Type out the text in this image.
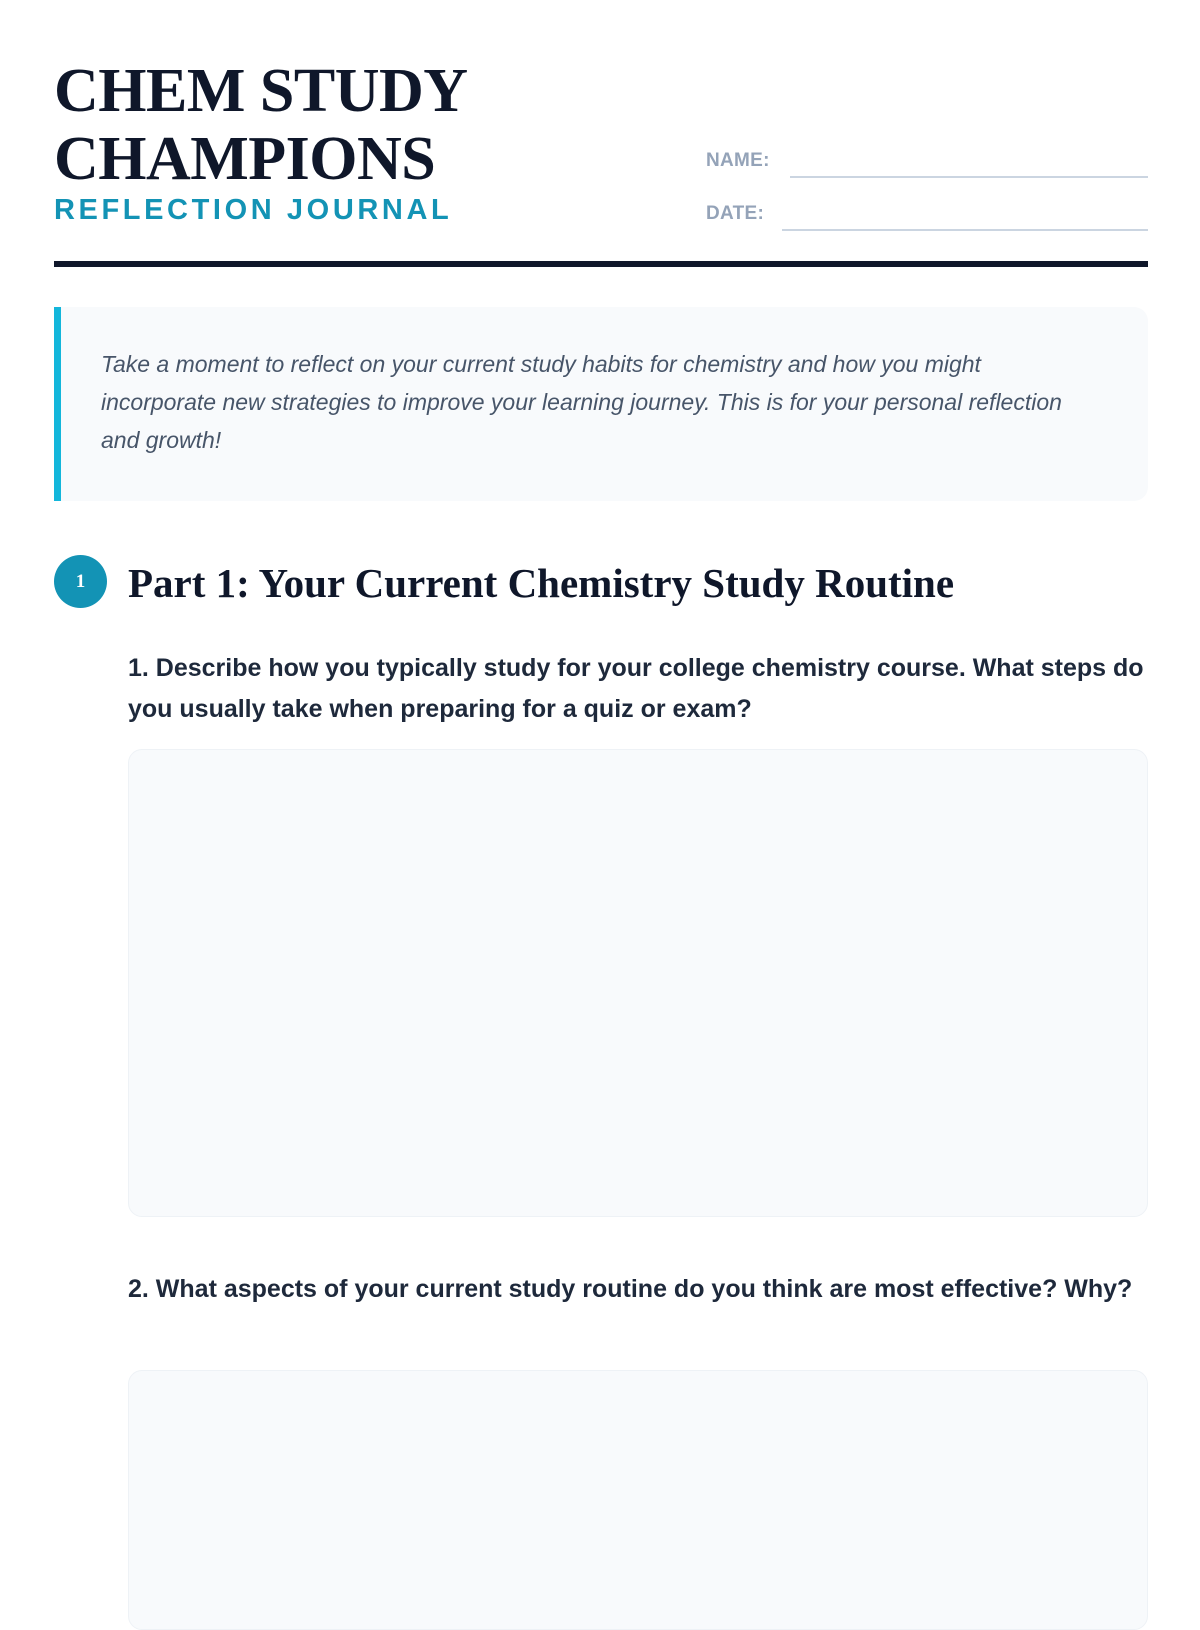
CHEM STUDY
CHAMPIONS
REFLECTION JOURNAL
NAME:
DATE:
Take a moment to reflect on your current study habits for chemistry and how you might incorporate new strategies to improve your learning journey. This is for your personal reflection and growth!
1	Part 1: Your Current Chemistry Study Routine
1. Describe how you typically study for your college chemistry course. What steps do you usually take when preparing for a quiz or exam?
2. What aspects of your current study routine do you think are most effective? Why?
